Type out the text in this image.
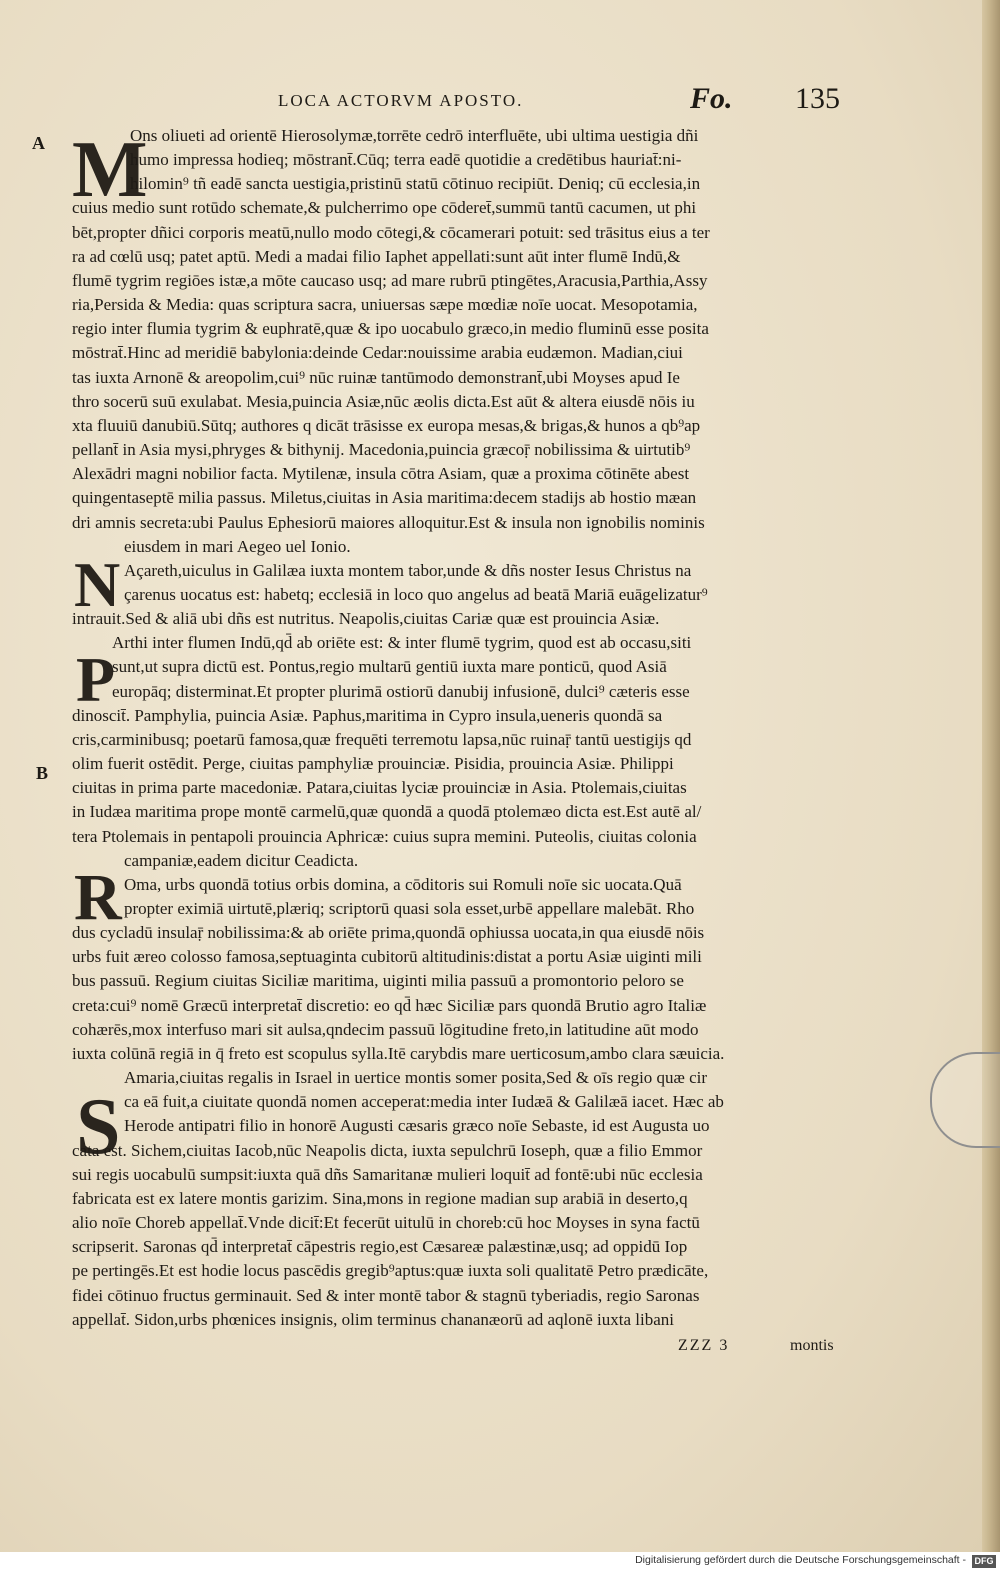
LOCA ACTORVM APOSTO.	Fo. 135
A
B
M
N
P
R
S
Ons oliueti ad orientē Hierosolymæ,torrēte cedrō interfluēte, ubi ultima uestigia dñi
humo impressa hodieq; mōstrant̄.Cūq; terra eadē quotidie a credētibus hauriat̄:ni-
hilomin⁹ tñ eadē sancta uestigia,pristinū statū cōtinuo recipiūt. Deniq; cū ecclesia,in
cuius medio sunt rotūdo schemate,& pulcherrimo ope cōderet̄,summū tantū cacumen, ut phi
bēt,propter dñici corporis meatū,nullo modo cōtegi,& cōcamerari potuit: sed trāsitus eius a ter
ra ad cœlū usq; patet aptū. Medi a madai filio Iaphet appellati:sunt aūt inter flumē Indū,&
flumē tygrim regiōes istæ,a mōte caucaso usq; ad mare rubrū ptingētes,Aracusia,Parthia,Assy
ria,Persida & Media: quas scriptura sacra, uniuersas sæpe mœdiæ noīe uocat. Mesopotamia,
regio inter flumia tygrim & euphratē,quæ & ipo uocabulo græco,in medio fluminū esse posita
mōstrat̄.Hinc ad meridiē babylonia:deinde Cedar:nouissime arabia eudæmon. Madian,ciui
tas iuxta Arnonē & areopolim,cui⁹ nūc ruinæ tantūmodo demonstrant̄,ubi Moyses apud Ie
thro socerū suū exulabat. Mesia,puincia Asiæ,nūc æolis dicta.Est aūt & altera eiusdē nōis iu
xta fluuiū danubiū.Sūtq; authores q dicāt trāsisse ex europa mesas,& brigas,& hunos a qb⁹ap
pellant̄ in Asia mysi,phryges & bithynij. Macedonia,puincia græcoṝ nobilissima & uirtutib⁹
Alexādri magni nobilior facta. Mytilenæ, insula cōtra Asiam, quæ a proxima cōtinēte abest
quingentaseptē milia passus. Miletus,ciuitas in Asia maritima:decem stadijs ab hostio mæan
dri amnis secreta:ubi Paulus Ephesiorū maiores alloquitur.Est & insula non ignobilis nominis
eiusdem in mari Aegeo uel Ionio.
Açareth,uiculus in Galilæa iuxta montem tabor,unde & dñs noster Iesus Christus na
çarenus uocatus est: habetq; ecclesiā in loco quo angelus ad beatā Mariā euāgelizatur⁹
intrauit.Sed & aliā ubi dñs est nutritus. Neapolis,ciuitas Cariæ quæ est prouincia Asiæ.
Arthi inter flumen Indū,qd̄ ab oriēte est: & inter flumē tygrim, quod est ab occasu,siti
sunt,ut supra dictū est. Pontus,regio multarū gentiū iuxta mare ponticū, quod Asiā
europāq; disterminat.Et propter plurimā ostiorū danubij infusionē, dulci⁹ cæteris esse
dinoscit̄. Pamphylia, puincia Asiæ. Paphus,maritima in Cypro insula,ueneris quondā sa
cris,carminibusq; poetarū famosa,quæ frequēti terremotu lapsa,nūc ruinaṝ tantū uestigijs qd
olim fuerit ostēdit. Perge, ciuitas pamphyliæ prouinciæ. Pisidia, prouincia Asiæ. Philippi
ciuitas in prima parte macedoniæ. Patara,ciuitas lyciæ prouinciæ in Asia. Ptolemais,ciuitas
in Iudæa maritima prope montē carmelū,quæ quondā a quodā ptolemæo dicta est.Est autē al/
tera Ptolemais in pentapoli prouincia Aphricæ: cuius supra memini. Puteolis, ciuitas colonia
campaniæ,eadem dicitur Ceadicta.
Oma, urbs quondā totius orbis domina, a cōditoris sui Romuli noīe sic uocata.Quā
propter eximiā uirtutē,plæriq; scriptorū quasi sola esset,urbē appellare malebāt. Rho
dus cycladū insulaṝ nobilissima:& ab oriēte prima,quondā ophiussa uocata,in qua eiusdē nōis
urbs fuit æreo colosso famosa,septuaginta cubitorū altitudinis:distat a portu Asiæ uiginti mili
bus passuū. Regium ciuitas Siciliæ maritima, uiginti milia passuū a promontorio peloro se
creta:cui⁹ nomē Græcū interpretat̄ discretio: eo qd̄ hæc Siciliæ pars quondā Brutio agro Italiæ
cohærēs,mox interfuso mari sit aulsa,qndecim passuū lōgitudine freto,in latitudine aūt modo
iuxta colūnā regiā in q̄ freto est scopulus sylla.Itē carybdis mare uerticosum,ambo clara sæuicia.
Amaria,ciuitas regalis in Israel in uertice montis somer posita,Sed & oīs regio quæ cir
ca eā fuit,a ciuitate quondā nomen acceperat:media inter Iudæā & Galilæā iacet. Hæc ab
Herode antipatri filio in honorē Augusti cæsaris græco noīe Sebaste, id est Augusta uo
cata est. Sichem,ciuitas Iacob,nūc Neapolis dicta, iuxta sepulchrū Ioseph, quæ a filio Emmor
sui regis uocabulū sumpsit:iuxta quā dñs Samaritanæ mulieri loquit̄ ad fontē:ubi nūc ecclesia
fabricata est ex latere montis garizim. Sina,mons in regione madian sup arabiā in deserto,q
alio noīe Choreb appellat̄.Vnde dicit̄:Et fecerūt uitulū in choreb:cū hoc Moyses in syna factū
scripserit. Saronas qd̄ interpretat̄ cāpestris regio,est Cæsareæ palæstinæ,usq; ad oppidū Iop
pe pertingēs.Et est hodie locus pascēdis gregib⁹aptus:quæ iuxta soli qualitatē Petro prædicāte,
fidei cōtinuo fructus germinauit. Sed & inter montē tabor & stagnū tyberiadis, regio Saronas
appellat̄. Sidon,urbs phœnices insignis, olim terminus chananæorū ad aqlonē iuxta libani
ZZZ 3	montis
Digitalisierung gefördert durch die Deutsche Forschungsgemeinschaft - DFG
